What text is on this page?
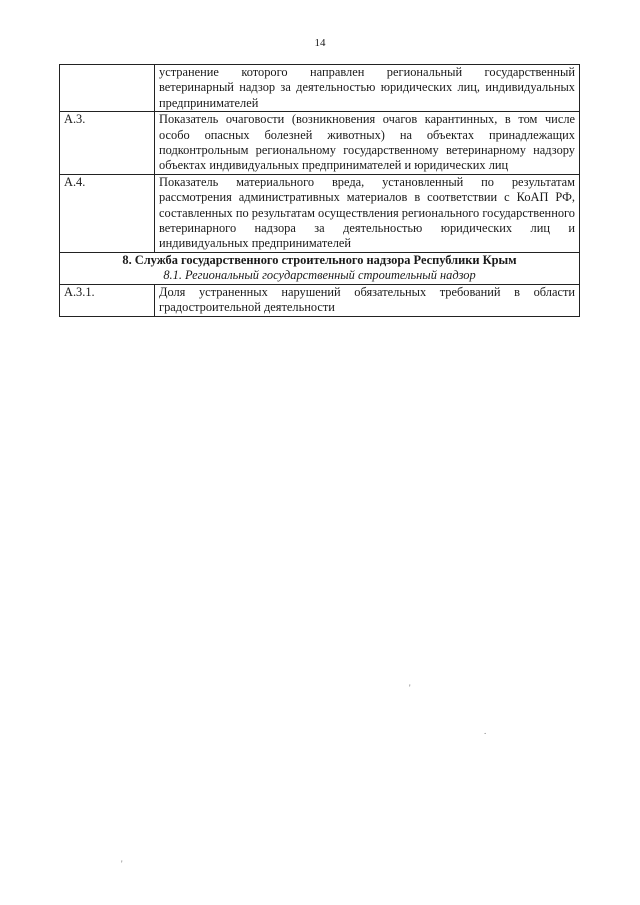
14
	устранение которого направлен региональный государственный ветеринарный надзор за деятельностью юридических лиц, индивидуальных предпринимателей
А.3.	Показатель очаговости (возникновения очагов карантинных, в том числе особо опасных болезней животных) на объектах принадлежащих подконтрольным региональному государственному ветеринарному надзору объектах индивидуальных предпринимателей и юридических лиц
А.4.	Показатель материального вреда, установленный по результатам рассмотрения административных материалов в соответствии с КоАП РФ, составленных по результатам осуществления регионального государственного ветеринарного надзора за деятельностью юридических лиц и индивидуальных предпринимателей

8. Служба государственного строительного надзора Республики Крым
8.1. Региональный государственный строительный надзор	

А.3.1.	Доля устраненных нарушений обязательных требований в области градостроительной деятельности
'
.
'
